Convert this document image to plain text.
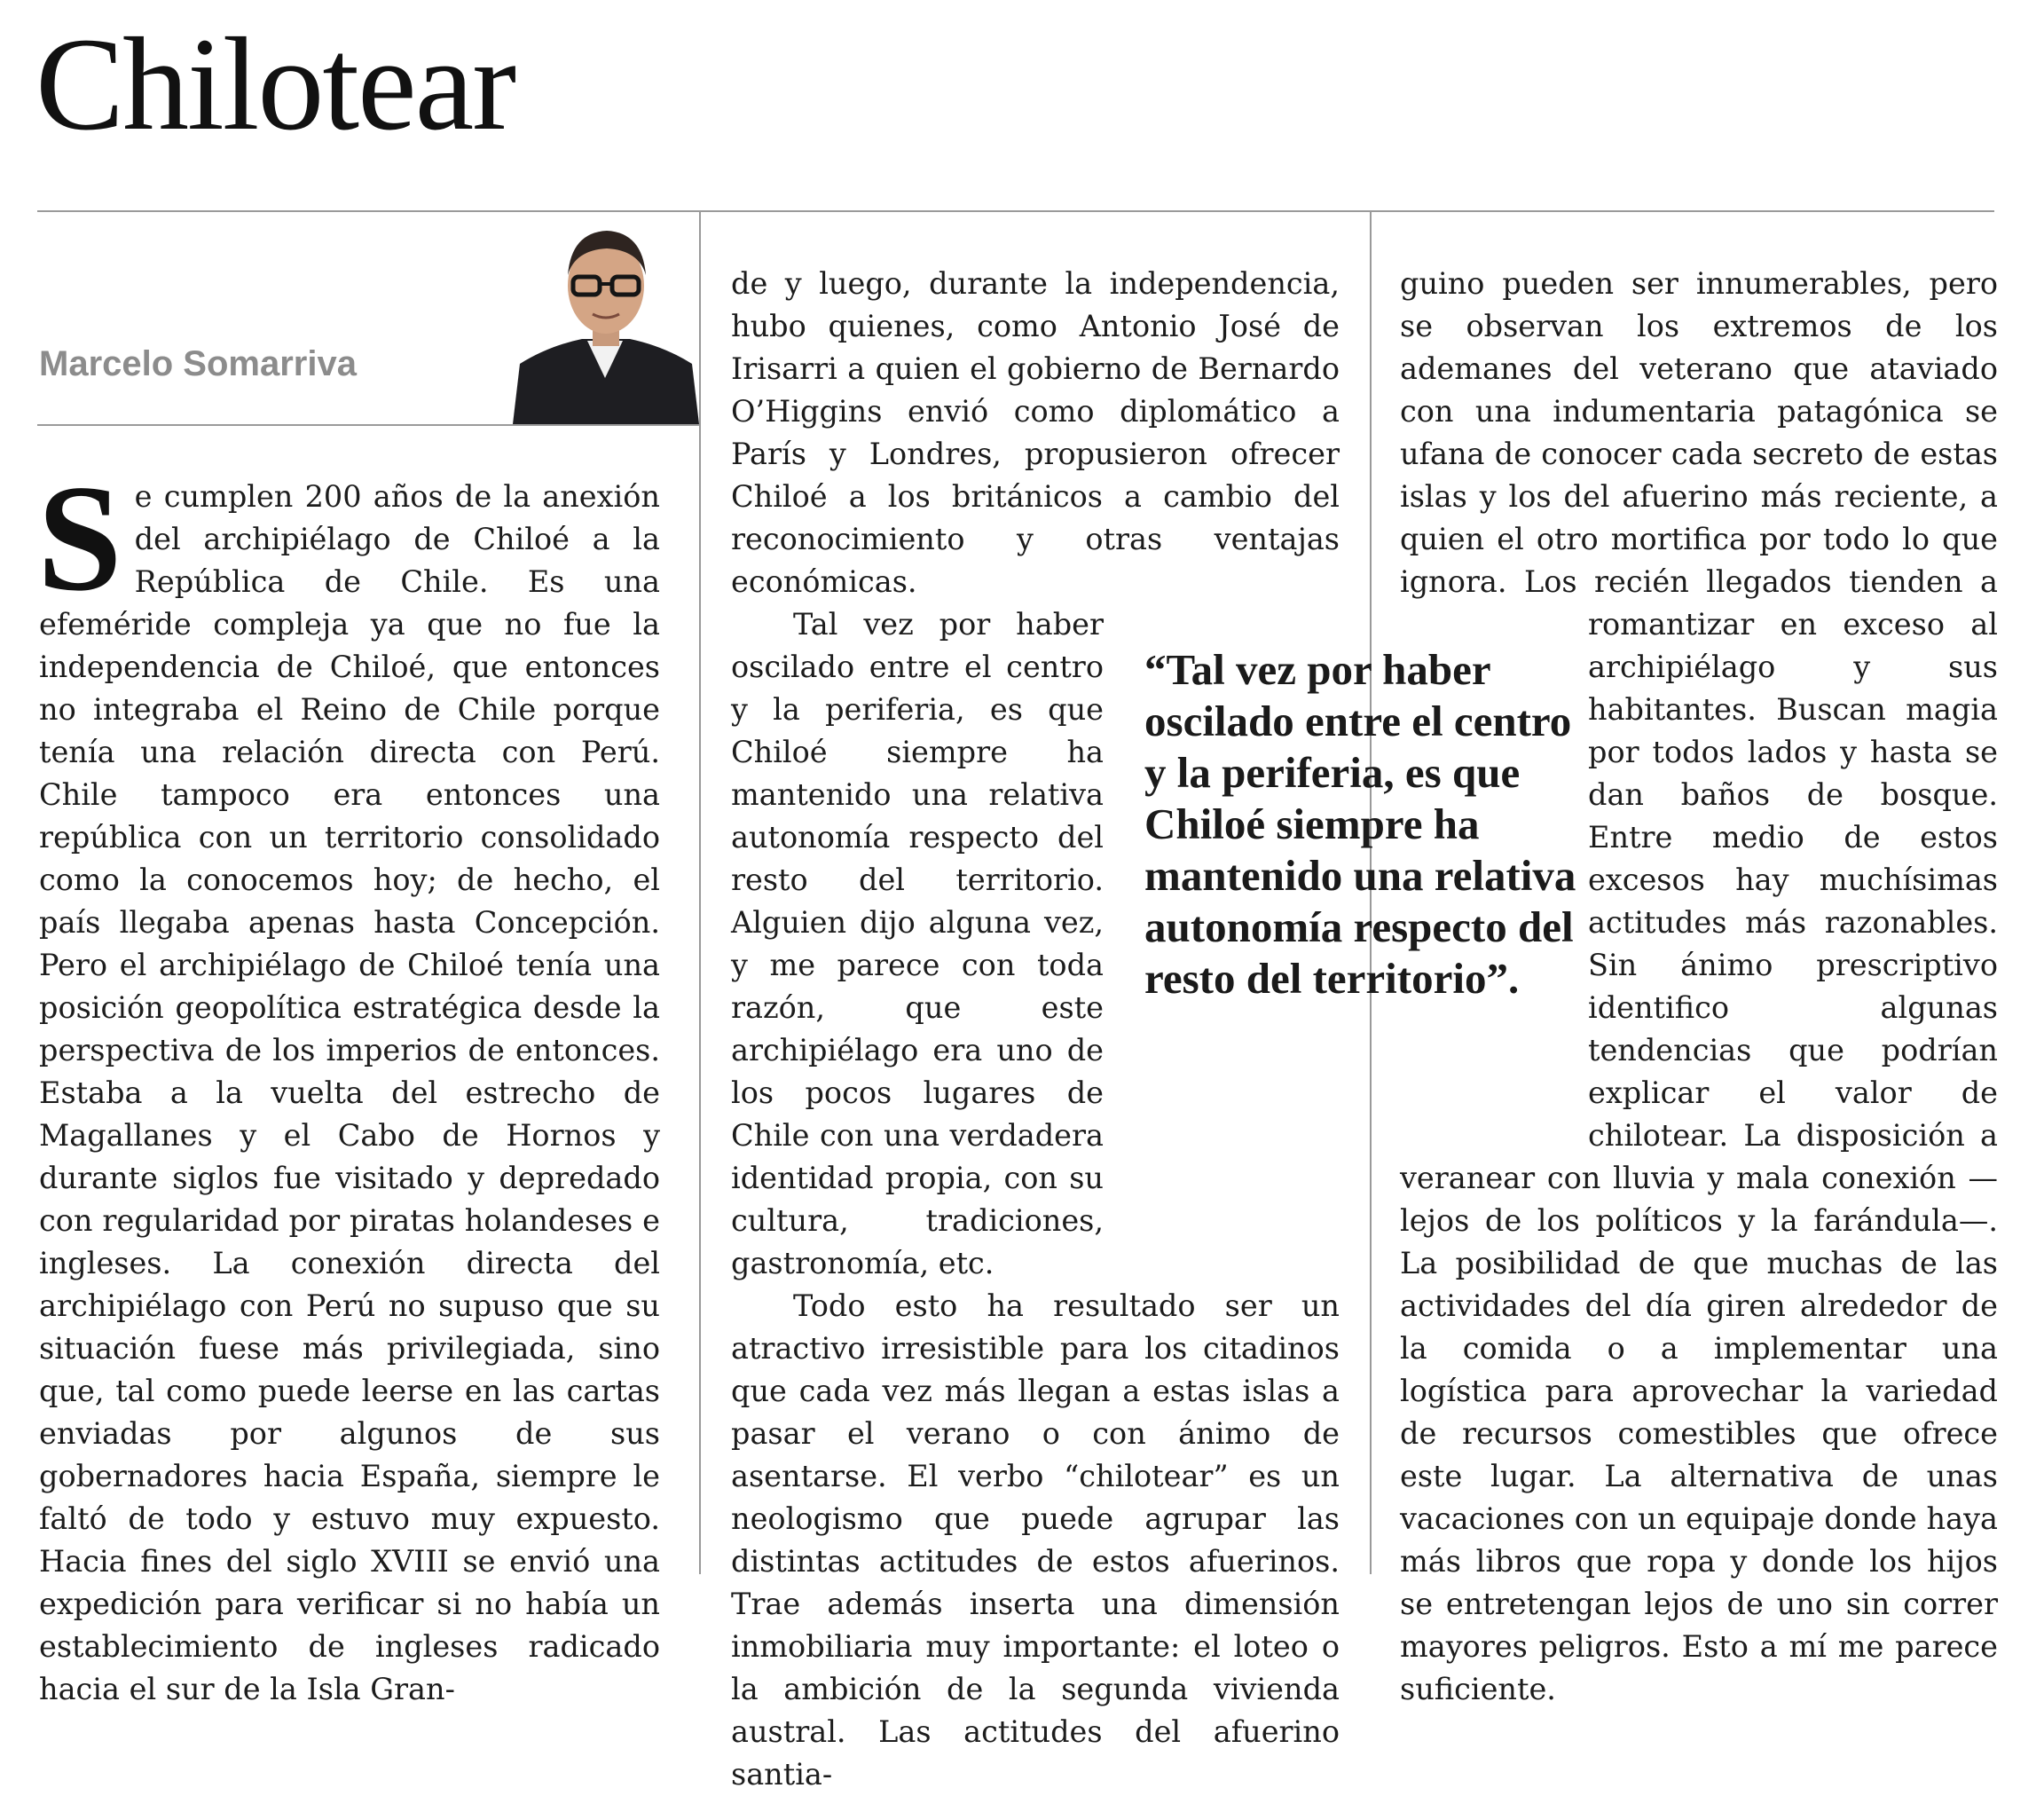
Chilotear
Marcelo Somarriva

Se cumplen 200 años de la anexión del archipiélago de Chiloé a la República de Chile. Es una efeméride compleja ya que no fue la independencia de Chiloé, que entonces no integraba el Reino de Chile porque tenía una relación directa con Perú. Chile tampoco era entonces una república con un territorio consolidado como la conocemos hoy; de hecho, el país llegaba apenas hasta Concepción. Pero el archipiélago de Chiloé tenía una posición geopolítica estratégica desde la perspectiva de los imperios de entonces. Estaba a la vuelta del estrecho de Magallanes y el Cabo de Hornos y durante siglos fue visitado y depredado con regularidad por piratas holandeses e ingleses. La conexión directa del archipiélago con Perú no supuso que su situación fuese más privilegiada, sino que, tal como puede leerse en las cartas enviadas por algunos de sus gobernadores hacia España, siempre le faltó de todo y estuvo muy expuesto. Hacia fines del siglo XVIII se envió una expedición para verificar si no había un establecimiento de ingleses radicado hacia el sur de la Isla Gran-

de y luego, durante la independencia, hubo quienes, como Antonio José de Irisarri a quien el gobierno de Bernardo O’Higgins envió como diplomático a París y Londres, propusieron ofrecer Chiloé a los británicos a cambio del reconocimiento y otras ventajas económicas.

Tal vez por haber oscilado entre el centro y la periferia, es que Chiloé siempre ha mantenido una relativa autonomía respecto del resto del territorio. Alguien dijo alguna vez, y me parece con toda razón, que este archipiélago era uno de los pocos lugares de Chile con una verdadera identidad propia, con su cultura, tradiciones, gastronomía, etc.

Todo esto ha resultado ser un atractivo irresistible para los citadinos que cada vez más llegan a estas islas a pasar el verano o con ánimo de asentarse. El verbo “chilotear” es un neologismo que puede agrupar las distintas actitudes de estos afuerinos. Trae además inserta una dimensión inmobiliaria muy importante: el loteo o la ambición de la segunda vivienda austral. Las actitudes del afuerino santia-

“Tal vez por haber oscilado entre el centro y la periferia, es que Chiloé siempre ha mantenido una relativa autonomía respecto del resto del territorio”.

guino pueden ser innumerables, pero se observan los extremos de los ademanes del veterano que ataviado con una indumentaria patagónica se ufana de conocer cada secreto de estas islas y los del afuerino más reciente, a quien el otro mortifica por todo lo que ignora. Los recién llegados tienden a romantizar en exceso al archipiélago y sus habitantes. Buscan magia por todos lados y hasta se dan baños de bosque. Entre medio de estos excesos hay muchísimas actitudes más razonables. Sin ánimo prescriptivo identifico algunas tendencias que podrían explicar el valor de chilotear. La disposición a veranear con lluvia y mala conexión —lejos de los políticos y la farándula—. La posibilidad de que muchas de las actividades del día giren alrededor de la comida o a implementar una logística para aprovechar la variedad de recursos comestibles que ofrece este lugar. La alternativa de unas vacaciones con un equipaje donde haya más libros que ropa y donde los hijos se entretengan lejos de uno sin correr mayores peligros. Esto a mí me parece suficiente.
